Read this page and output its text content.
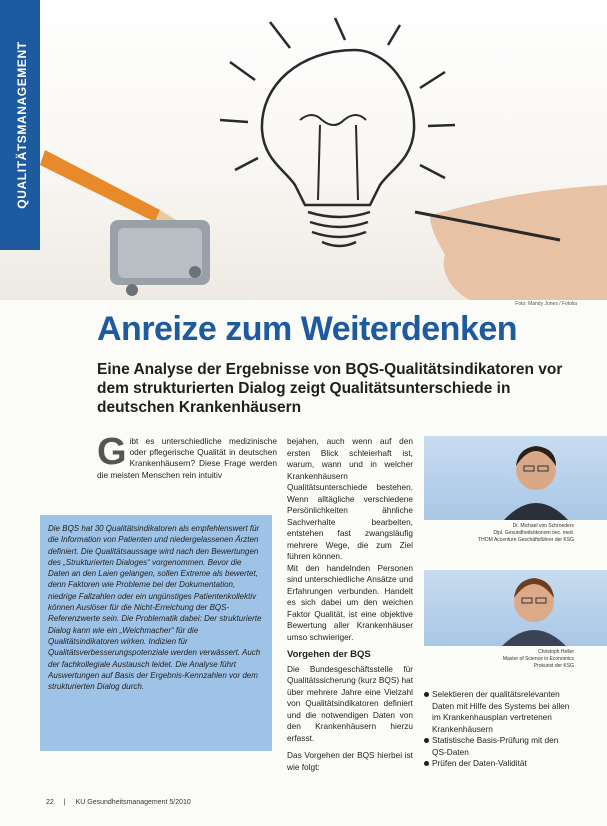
QUALITÄTSMANAGEMENT
Foto: Mandy Jones / Fotolia
Anreize zum Weiterdenken
Eine Analyse der Ergebnisse von BQS-Qualitätsindikatoren vor dem strukturierten Dialog zeigt Qualitätsunterschiede in deutschen Krankenhäusern
Gibt es unterschiedliche medizinische oder pflegerische Qualität in deutschen Krankenhäusern? Diese Frage werden die meisten Menschen rein intuitiv

Die BQS hat 30 Qualitätsindikatoren als empfehlenswert für die Information von Patienten und niedergelassenen Ärzten definiert. Die Qualitätsaussage wird nach den Bewertungen des „Strukturierten Dialoges“ vorgenommen. Bevor die Daten an den Laien gelangen, sollen Extreme als bewertet, denn Faktoren wie Probleme bei der Dokumentation, niedrige Fallzahlen oder ein ungünstiges Patientenkollektiv können Auslöser für die Nicht-Erreichung der BQS-Referenzwerte sein. Die Problematik dabei: Der strukturierte Dialog kann wie ein „Weichmacher“ für die Qualitätsindikatoren wirken. Indizien für Qualitätsverbesserungspotenziale werden verwässert. Auch der fachkollegiale Austausch leidet. Die Analyse führt Auswertungen auf Basis der Ergebnis-Kennzahlen vor dem strukturierten Dialog durch.

bejahen, auch wenn auf den ersten Blick schleierhaft ist, warum, wann und in welcher Krankenhäusern Qualitätsunterschiede bestehen. Wenn alltägliche verschiedene Persönlichkeiten ähnliche Sachverhalte bearbeiten, entstehen fast zwangsläufig mehrere Wege, die zum Ziel führen können.

Mit den handelnden Personen sind unterschiedliche Ansätze und Erfahrungen verbunden. Handelt es sich dabei um den weichen Faktor Qualität, ist eine objektive Bewertung aller Krankenhäuser umso schwieriger.

Vorgehen der BQS

Die Bundesgeschäftsstelle für Qualitätssicherung (kurz BQS) hat über mehrere Jahre eine Vielzahl von Qualitätsindikatoren definiert und die notwendigen Daten von den Krankenhäusern hierzu erfasst.

Das Vorgehen der BQS hierbei ist wie folgt:

Dr. Michael von Schroeders
Dipl. Gesundheitsökonom oec. med.
THOM Accenture Geschäftsführer der KSG
Christoph Heller
Master of Science in Economics
Prokurist der KSG
Selektieren der qualitätsrelevanten Daten mit Hilfe des Systems bei allen im Krankenhausplan vertretenen Krankenhäusern
Statistische Basis-Prüfung mit den QS-Daten
Prüfen der Daten-Validität
22 | KU Gesundheitsmanagement 5/2010
